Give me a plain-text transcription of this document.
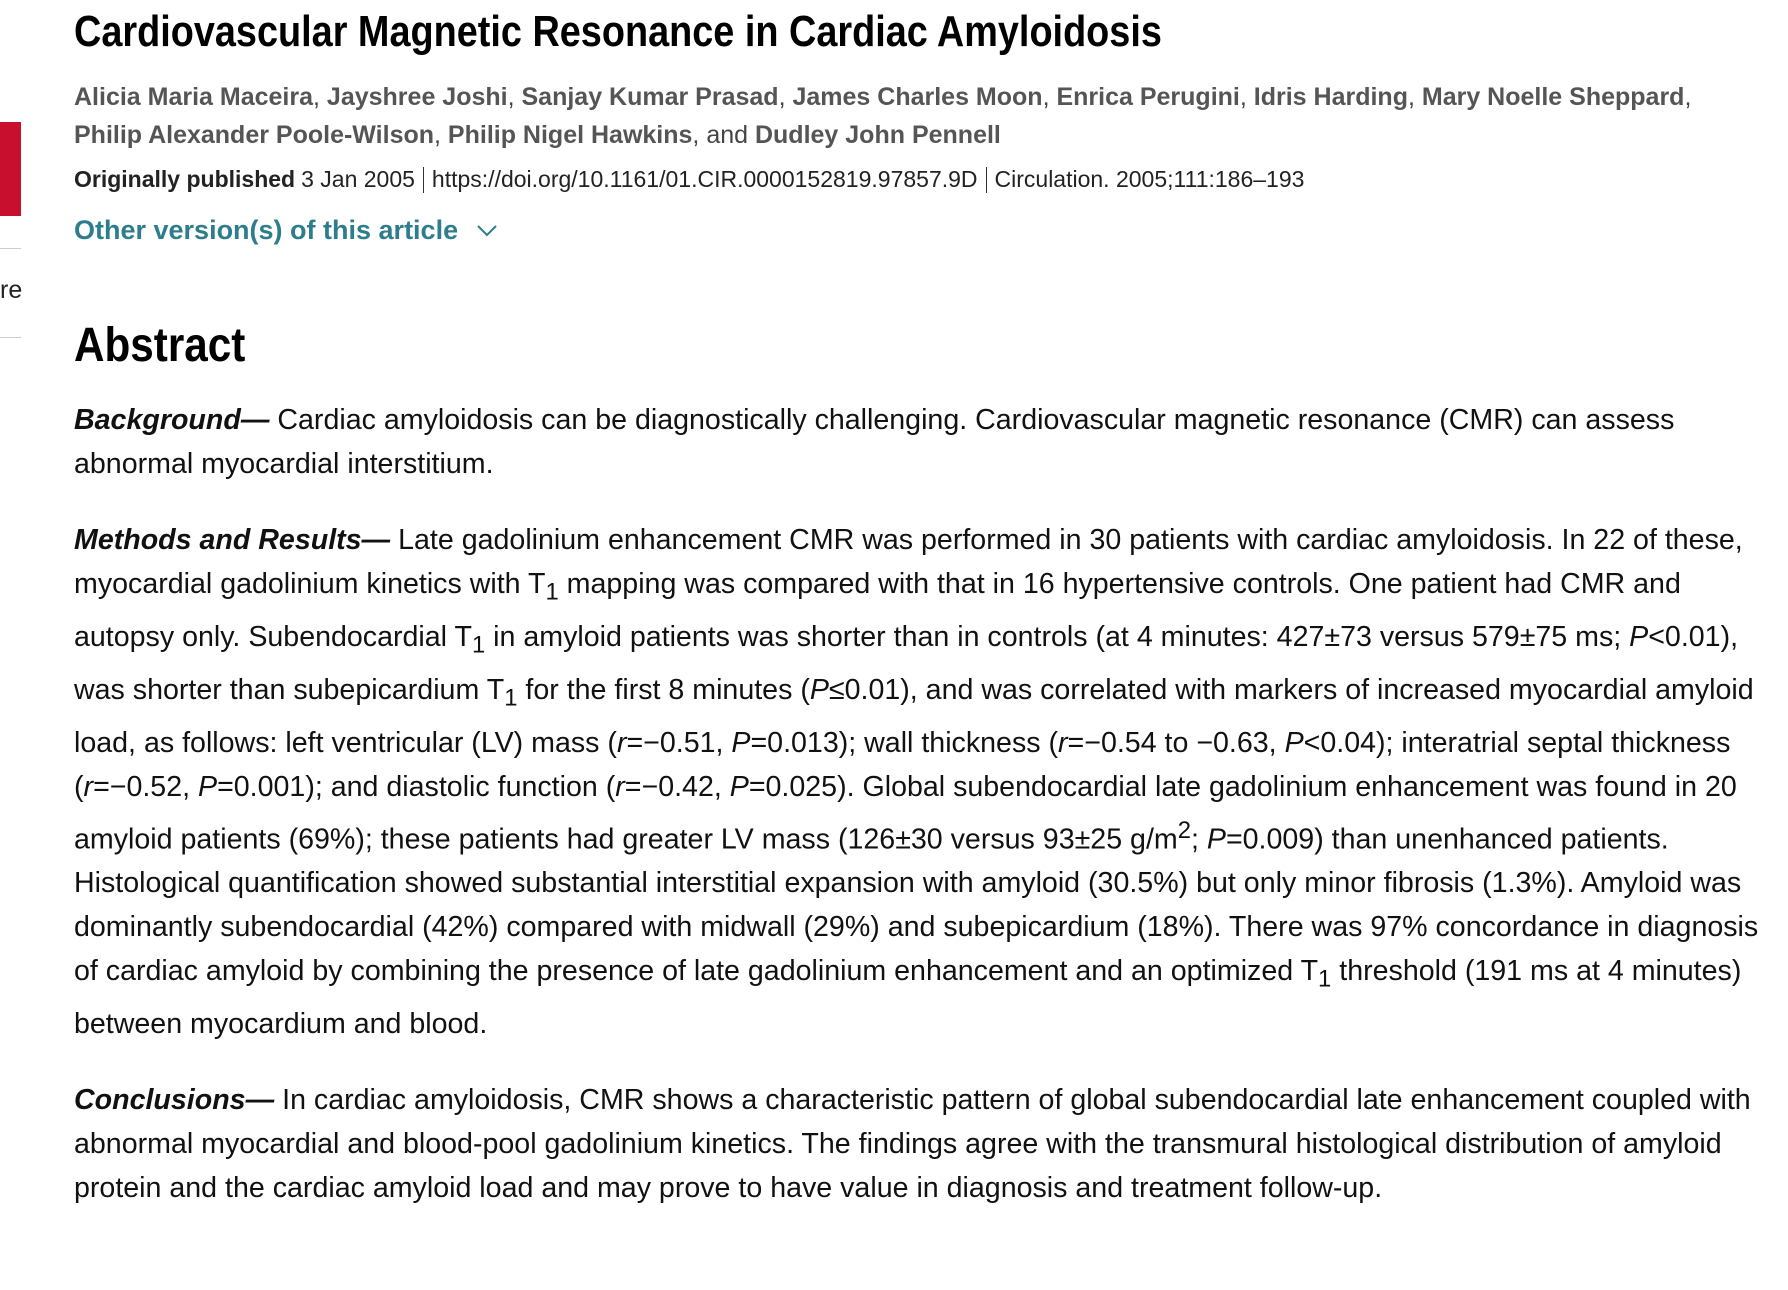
re
Cardiovascular Magnetic Resonance in Cardiac Amyloidosis
Alicia Maria Maceira, Jayshree Joshi, Sanjay Kumar Prasad, James Charles Moon, Enrica Perugini, Idris Harding, Mary Noelle Sheppard,
Philip Alexander Poole-Wilson, Philip Nigel Hawkins, and Dudley John Pennell
Originally published 3 Jan 2005 https://doi.org/10.1161/01.CIR.0000152819.97857.9D Circulation. 2005;111:186–193
Other version(s) of this article
Abstract

Background— Cardiac amyloidosis can be diagnostically challenging. Cardiovascular magnetic resonance (CMR) can assess abnormal myocardial interstitium.

Methods and Results— Late gadolinium enhancement CMR was performed in 30 patients with cardiac amyloidosis. In 22 of these, myocardial gadolinium kinetics with $T_1$ mapping was compared with that in 16 hypertensive controls. One patient had CMR and autopsy only. Subendocardial $T_1$ in amyloid patients was shorter than in controls (at 4 minutes: 427±73 versus 579±75 ms; P<0.01), was shorter than subepicardium $T_1$ for the first 8 minutes (P≤0.01), and was correlated with markers of increased myocardial amyloid load, as follows: left ventricular (LV) mass (r=−0.51, P=0.013); wall thickness (r=−0.54 to −0.63, P<0.04); interatrial septal thickness (r=−0.52, P=0.001); and diastolic function (r=−0.42, P=0.025). Global subendocardial late gadolinium enhancement was found in 20 amyloid patients (69%); these patients had greater LV mass (126±30 versus 93±25 $g/m^2$; P=0.009) than unenhanced patients. Histological quantification showed substantial interstitial expansion with amyloid (30.5%) but only minor fibrosis (1.3%). Amyloid was dominantly subendocardial (42%) compared with midwall (29%) and subepicardium (18%). There was 97% concordance in diagnosis of cardiac amyloid by combining the presence of late gadolinium enhancement and an optimized $T_1$ threshold (191 ms at 4 minutes) between myocardium and blood.

Conclusions— In cardiac amyloidosis, CMR shows a characteristic pattern of global subendocardial late enhancement coupled with abnormal myocardial and blood-pool gadolinium kinetics. The findings agree with the transmural histological distribution of amyloid protein and the cardiac amyloid load and may prove to have value in diagnosis and treatment follow-up.
